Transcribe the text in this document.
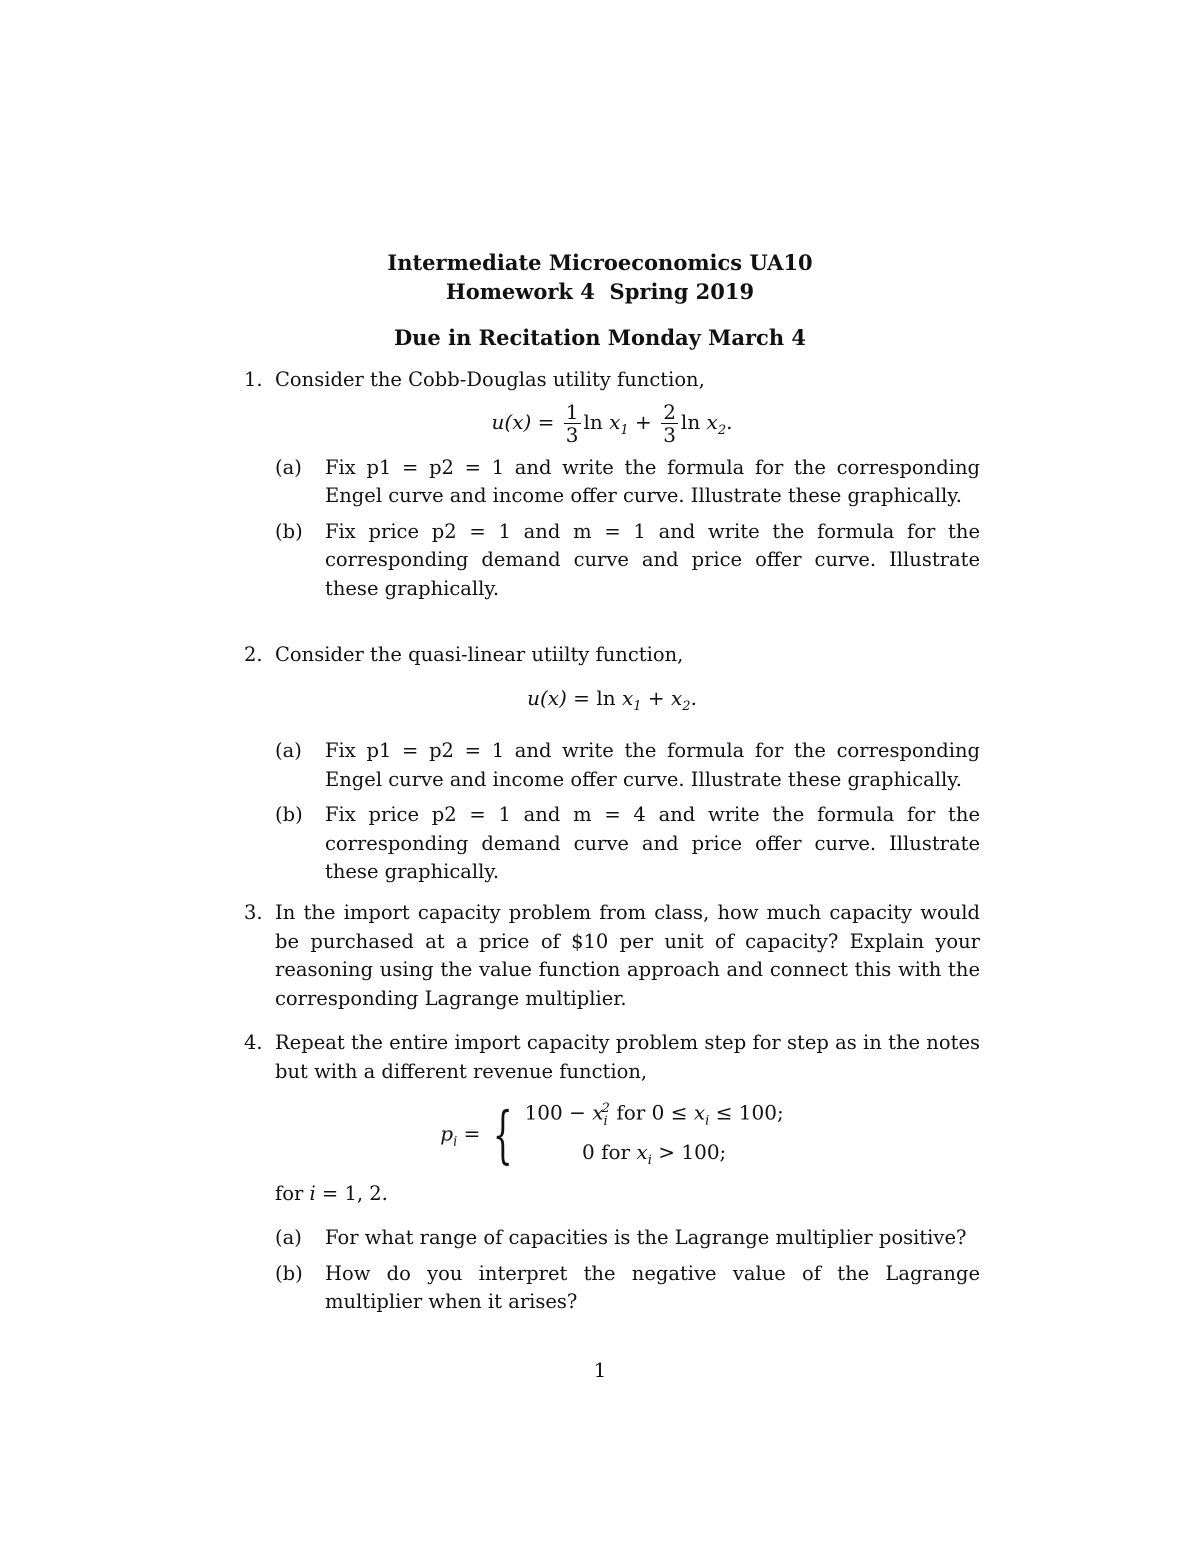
Intermediate Microeconomics UA10
Homework 4  Spring 2019
Due in Recitation Monday March 4
1. Consider the Cobb-Douglas utility function,
$u(x) = \frac{1}{3}$ $\ln x_1 + \frac{2}{3}$ $\ln x_2$.
(a) Fix p1 = p2 = 1 and write the formula for the corresponding Engel curve and income offer curve. Illustrate these graphically.
(b) Fix price p2 = 1 and m = 1 and write the formula for the corresponding demand curve and price offer curve. Illustrate these graphically.
2. Consider the quasi-linear utiilty function,
$u(x) = \ln x_1 + x_2$.
(a) Fix p1 = p2 = 1 and write the formula for the corresponding Engel curve and income offer curve. Illustrate these graphically.
(b) Fix price p2 = 1 and m = 4 and write the formula for the corresponding demand curve and price offer curve. Illustrate these graphically.
3. In the import capacity problem from class, how much capacity would be purchased at a price of $10 per unit of capacity? Explain your reasoning using the value function approach and connect this with the corresponding Lagrange multiplier.
4. Repeat the entire import capacity problem step for step as in the notes but with a different revenue function,
$p_i$ = { $100 - x_i^2$ for $0 \le x_i \le 100$;
0 for $x_i > 100$;
for i = 1, 2.
(a) For what range of capacities is the Lagrange multiplier positive?
(b) How do you interpret the negative value of the Lagrange multiplier when it arises?
1
